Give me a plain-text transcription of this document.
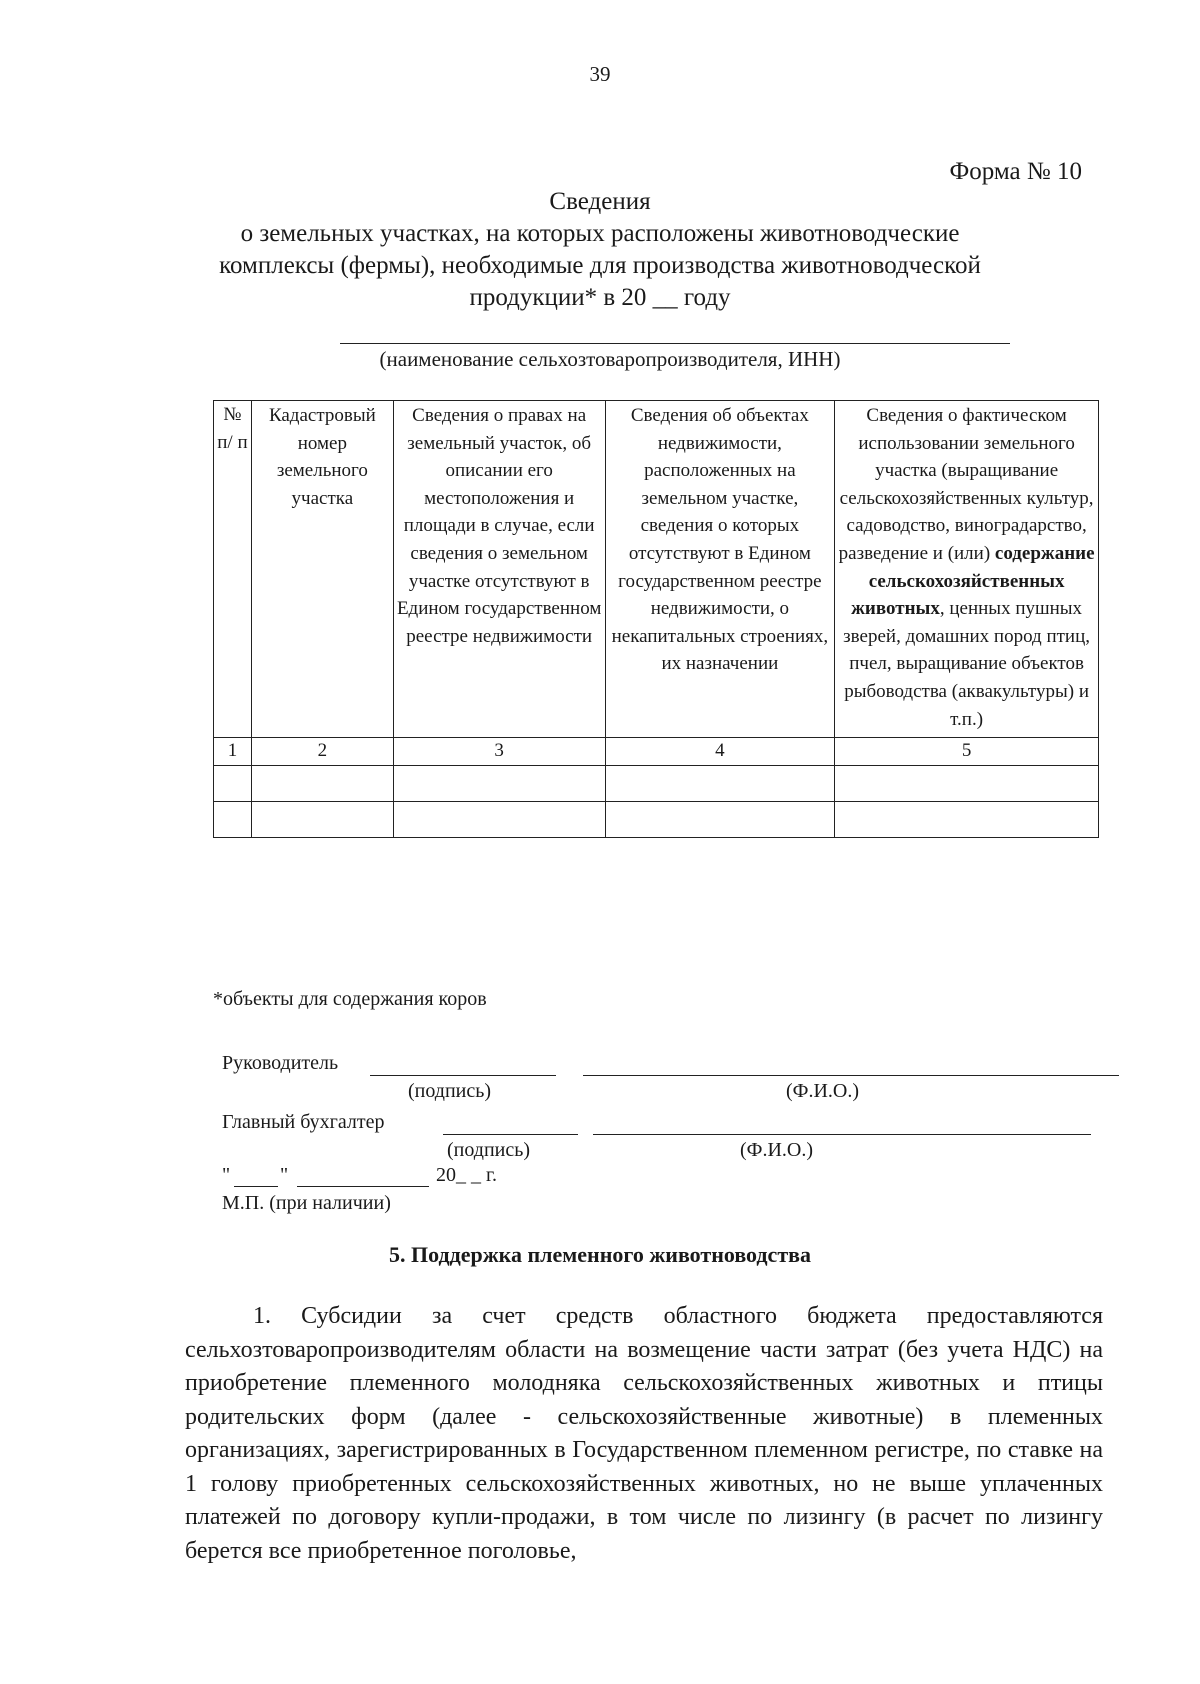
39
Форма № 10
Сведения
о земельных участках, на которых расположены животноводческие
комплексы (фермы), необходимые для производства животноводческой
продукции* в 20 __ году
(наименование сельхозтоваропроизводителя, ИНН)
№ п/ п	Кадастровый номер земельного участка	Сведения о правах на земельный участок, об описании его местоположения и площади в случае, если сведения о земельном участке отсутствуют в Едином государственном реестре недвижимости	Сведения об объектах недвижимости, расположенных на земельном участке, сведения о которых отсутствуют в Едином государственном реестре недвижимости, о некапитальных строениях, их назначении	Сведения о фактическом использовании земельного участка (выращивание сельскохозяйственных культур, садоводство, виноградарство, разведение и (или) содержание сельскохозяйственных животных, ценных пушных зверей, домашних пород птиц, пчел, выращивание объектов рыбоводства (аквакультуры) и т.п.)
1	2	3	4	5

*объекты для содержания коров
Руководитель
(подпись)	(Ф.И.О.)
Главный бухгалтер
(подпись)	(Ф.И.О.)
" "	20_ _ г.
М.П. (при наличии)
5. Поддержка племенного животноводства
1. Субсидии за счет средств областного бюджета предоставляются сельхозтоваропроизводителям области на возмещение части затрат (без учета НДС) на приобретение племенного молодняка сельскохозяйственных животных и птицы родительских форм (далее - сельскохозяйственные животные) в племенных организациях, зарегистрированных в Государственном племенном регистре, по ставке на 1 голову приобретенных сельскохозяйственных животных, но не выше уплаченных платежей по договору купли-продажи, в том числе по лизингу (в расчет по лизингу берется все приобретенное поголовье,
